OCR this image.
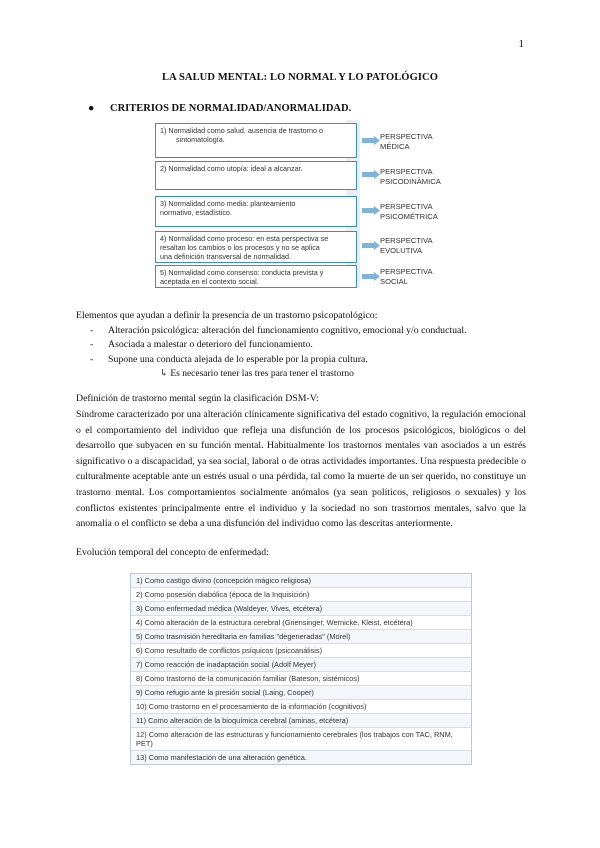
1
LA SALUD MENTAL: LO NORMAL Y LO PATOLÓGICO
● CRITERIOS DE NORMALIDAD/ANORMALIDAD.
1) Normalidad como salud, ausencia de trastorno o
sintomatología.	PERSPECTIVA
MÉDICA
2) Normalidad como utopía: ideal a alcanzar.	PERSPECTIVA
PSICODINÁMICA
3) Normalidad como media: planteamiento
normativo, estadístico.
PERSPECTIVA
PSICOMÉTRICA
4) Normalidad como proceso: en esta perspectiva se
resaltan los cambios o los procesos y no se aplica
una definición transversal de normalidad.
PERSPECTIVA
EVOLUTIVA
5) Normalidad como consenso: conducta prevista y
aceptada en el contexto social.
PERSPECTIVA
SOCIAL
Elementos que ayudan a definir la presencia de un trastorno psicopatológico:
- Alteración psicológica: alteración del funcionamiento cognitivo, emocional y/o conductual.
- Asociada a malestar o deterioro del funcionamiento.
- Supone una conducta alejada de lo esperable por la propia cultura.
↳ Es necesario tener las tres para tener el trastorno
Definición de trastorno mental según la clasificación DSM-V:
Síndrome caracterizado por una alteración clínicamente significativa del estado cognitivo, la regulación emocional o el comportamiento del individuo que refleja una disfunción de los procesos psicológicos, biológicos o del desarrollo que subyacen en su función mental. Habitualmente los trastornos mentales van asociados a un estrés significativo o a discapacidad, ya sea social, laboral o de otras actividades importantes. Una respuesta predecible o culturalmente aceptable ante un estrés usual o una pérdida, tal como la muerte de un ser querido, no constituye un trastorno mental. Los comportamientos socialmente anómalos (ya sean políticos, religiosos o sexuales) y los conflictos existentes principalmente entre el individuo y la sociedad no son trastornos mentales, salvo que la anomalía o el conflicto se deba a una disfunción del individuo como las descritas anteriormente.
Evolución temporal del concepto de enfermedad:
1) Como castigo divino (concepción mágico religiosa)
2) Como posesión diabólica (época de la Inquisición)
3) Como enfermedad médica (Waldeyer, Vives, etcétera)
4) Como alteración de la estructura cerebral (Griensinger, Wernicke, Kleist, etcétera)
5) Como trasmisión hereditaria en familias "degeneradas" (Morel)
6) Como resultado de conflictos psíquicos (psicoanálisis)
7) Como reacción de inadaptación social (Adolf Meyer)
8) Como trastorno de la comunicación familiar (Bateson, sistémicos)
9) Como refugio ante la presión social (Laing, Cooper)
10) Como trastorno en el procesamiento de la información (cognitivos)
11) Como alteración de la bioquímica cerebral (aminas, etcétera)
12) Como alteración de las estructuras y funcionamiento cerebrales (los trabajos con TAC, RNM, PET)
13) Como manifestación de una alteración genética.
